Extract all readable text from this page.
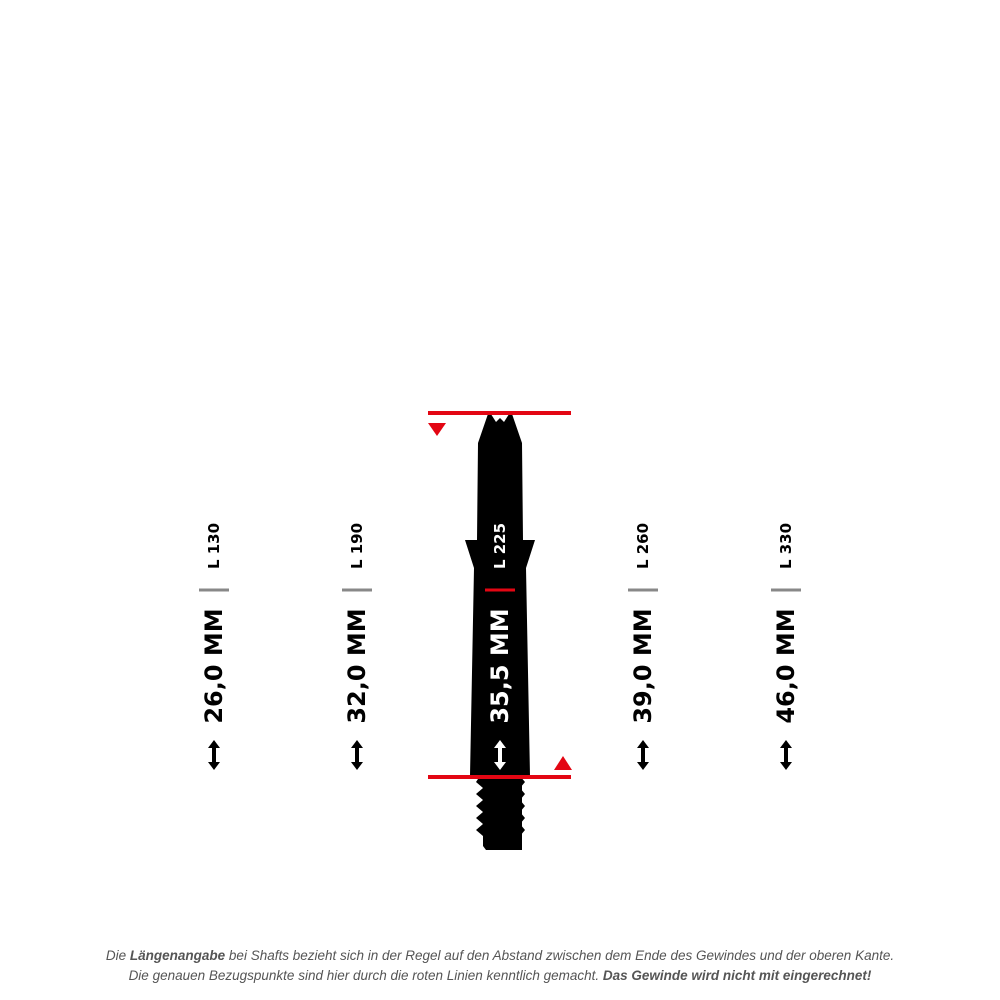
L 130
26,0 MM
L 190
32,0 MM
L 225
35,5 MM
L 260
39,0 MM
L 330
46,0 MM
Die Längenangabe bei Shafts bezieht sich in der Regel auf den Abstand zwischen dem Ende des Gewindes und der oberen Kante.
Die genauen Bezugspunkte sind hier durch die roten Linien kenntlich gemacht. Das Gewinde wird nicht mit eingerechnet!
